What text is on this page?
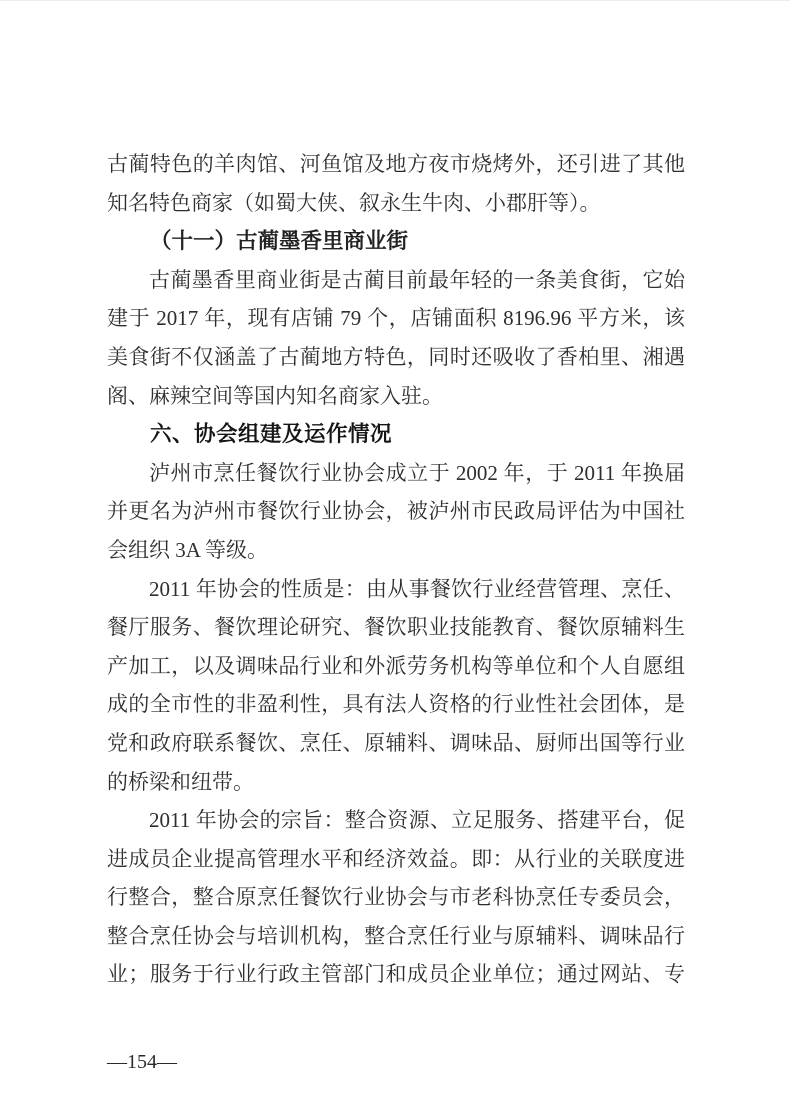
古蔺特色的羊肉馆、河鱼馆及地方夜市烧烤外，还引进了其他
知名特色商家（如蜀大侠、叙永生牛肉、小郡肝等）。
（十一）古蔺墨香里商业街
古蔺墨香里商业街是古蔺目前最年轻的一条美食街，它始
建于 2017 年，现有店铺 79 个，店铺面积 8196.96 平方米，该
美食街不仅涵盖了古蔺地方特色，同时还吸收了香柏里、湘遇
阁、麻辣空间等国内知名商家入驻。
六、协会组建及运作情况
泸州市烹任餐饮行业协会成立于 2002 年，于 2011 年换届
并更名为泸州市餐饮行业协会，被泸州市民政局评估为中国社
会组织 3A 等级。
2011 年协会的性质是：由从事餐饮行业经营管理、烹任、
餐厅服务、餐饮理论研究、餐饮职业技能教育、餐饮原辅料生
产加工，以及调味品行业和外派劳务机构等单位和个人自愿组
成的全市性的非盈利性，具有法人资格的行业性社会团体，是
党和政府联系餐饮、烹任、原辅料、调味品、厨师出国等行业
的桥梁和纽带。
2011 年协会的宗旨：整合资源、立足服务、搭建平台，促
进成员企业提高管理水平和经济效益。即：从行业的关联度进
行整合，整合原烹任餐饮行业协会与市老科协烹任专委员会，
整合烹任协会与培训机构，整合烹任行业与原辅料、调味品行
业；服务于行业行政主管部门和成员企业单位；通过网站、专
—154—
